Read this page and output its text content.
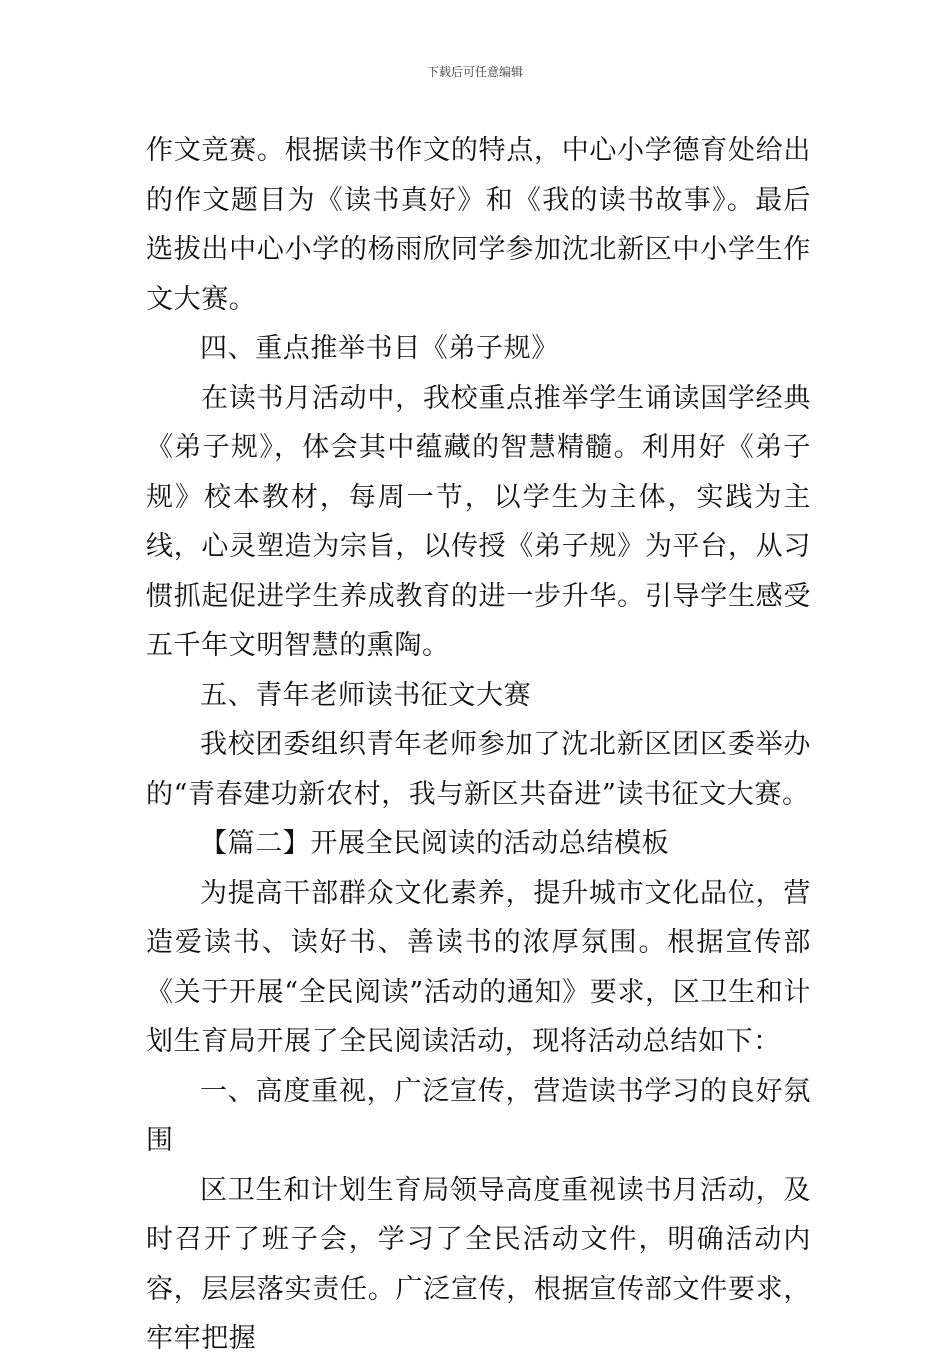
下载后可任意编辑

作文竞赛。根据读书作文的特点，中心小学德育处给出的作文题目为《读书真好》和《我的读书故事》。最后选拔出中心小学的杨雨欣同学参加沈北新区中小学生作文大赛。

四、重点推举书目《弟子规》

在读书月活动中，我校重点推举学生诵读国学经典《弟子规》，体会其中蕴藏的智慧精髓。利用好《弟子规》校本教材，每周一节，以学生为主体，实践为主线，心灵塑造为宗旨，以传授《弟子规》为平台，从习惯抓起促进学生养成教育的进一步升华。引导学生感受五千年文明智慧的熏陶。

五、青年老师读书征文大赛

我校团委组织青年老师参加了沈北新区团区委举办的“青春建功新农村，我与新区共奋进”读书征文大赛。

【篇二】开展全民阅读的活动总结模板

为提高干部群众文化素养，提升城市文化品位，营造爱读书、读好书、善读书的浓厚氛围。根据宣传部《关于开展“全民阅读”活动的通知》要求，区卫生和计划生育局开展了全民阅读活动，现将活动总结如下：

一、高度重视，广泛宣传，营造读书学习的良好氛围

区卫生和计划生育局领导高度重视读书月活动，及时召开了班子会，学习了全民活动文件，明确活动内容，层层落实责任。广泛宣传，根据宣传部文件要求，牢牢把握
